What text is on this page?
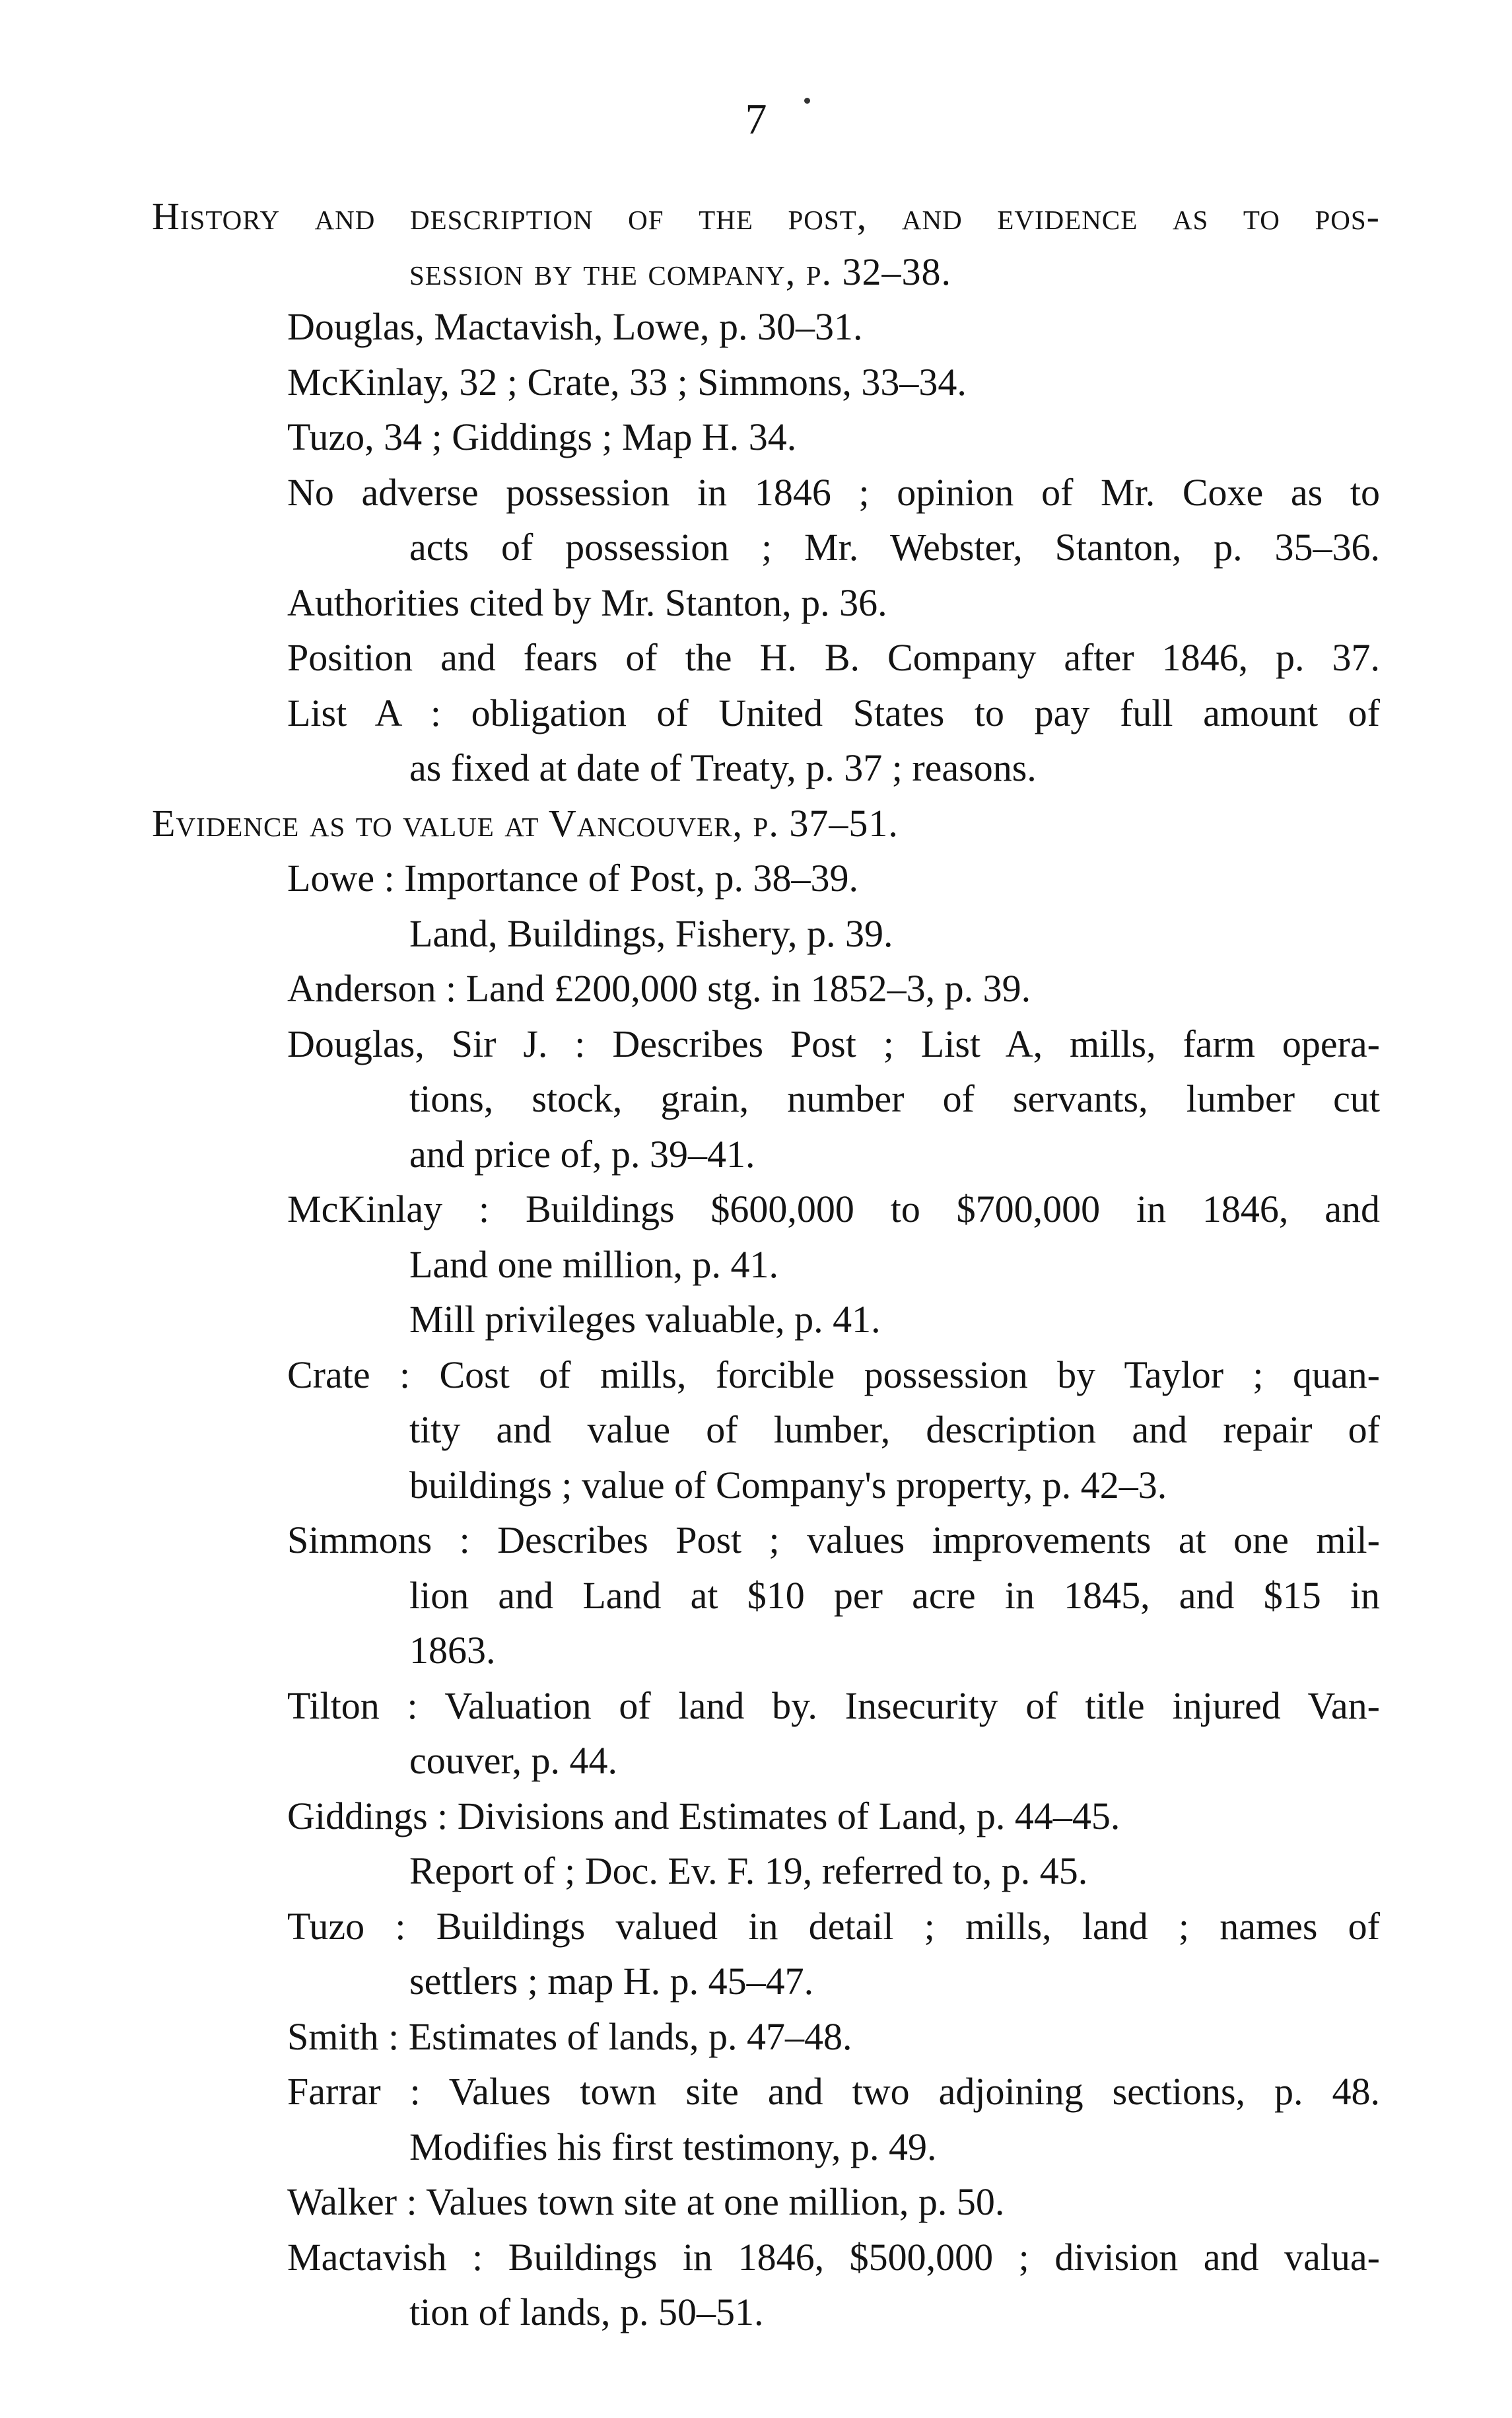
7
History and description of the post, and evidence as to pos-
session by the company, p. 32–38.
Douglas, Mactavish, Lowe, p. 30–31.
McKinlay, 32 ; Crate, 33 ; Simmons, 33–34.
Tuzo, 34 ; Giddings ; Map H. 34.
No adverse possession in 1846 ; opinion of Mr. Coxe as to
acts of possession ; Mr. Webster, Stanton, p. 35–36.
Authorities cited by Mr. Stanton, p. 36.
Position and fears of the H. B. Company after 1846, p. 37.
List A : obligation of United States to pay full amount of
as fixed at date of Treaty, p. 37 ; reasons.
Evidence as to value at Vancouver, p. 37–51.
Lowe : Importance of Post, p. 38–39.
Land, Buildings, Fishery, p. 39.
Anderson : Land £200,000 stg. in 1852–3, p. 39.
Douglas, Sir J. : Describes Post ; List A, mills, farm opera-
tions, stock, grain, number of servants, lumber cut
and price of, p. 39–41.
McKinlay : Buildings $600,000 to $700,000 in 1846, and
Land one million, p. 41.
Mill privileges valuable, p. 41.
Crate : Cost of mills, forcible possession by Taylor ; quan-
tity and value of lumber, description and repair of
buildings ; value of Company's property, p. 42–3.
Simmons : Describes Post ; values improvements at one mil-
lion and Land at $10 per acre in 1845, and $15 in
1863.
Tilton : Valuation of land by. Insecurity of title injured Van-
couver, p. 44.
Giddings : Divisions and Estimates of Land, p. 44–45.
Report of ; Doc. Ev. F. 19, referred to, p. 45.
Tuzo : Buildings valued in detail ; mills, land ; names of
settlers ; map H. p. 45–47.
Smith : Estimates of lands, p. 47–48.
Farrar : Values town site and two adjoining sections, p. 48.
Modifies his first testimony, p. 49.
Walker : Values town site at one million, p. 50.
Mactavish : Buildings in 1846, $500,000 ; division and valua-
tion of lands, p. 50–51.
